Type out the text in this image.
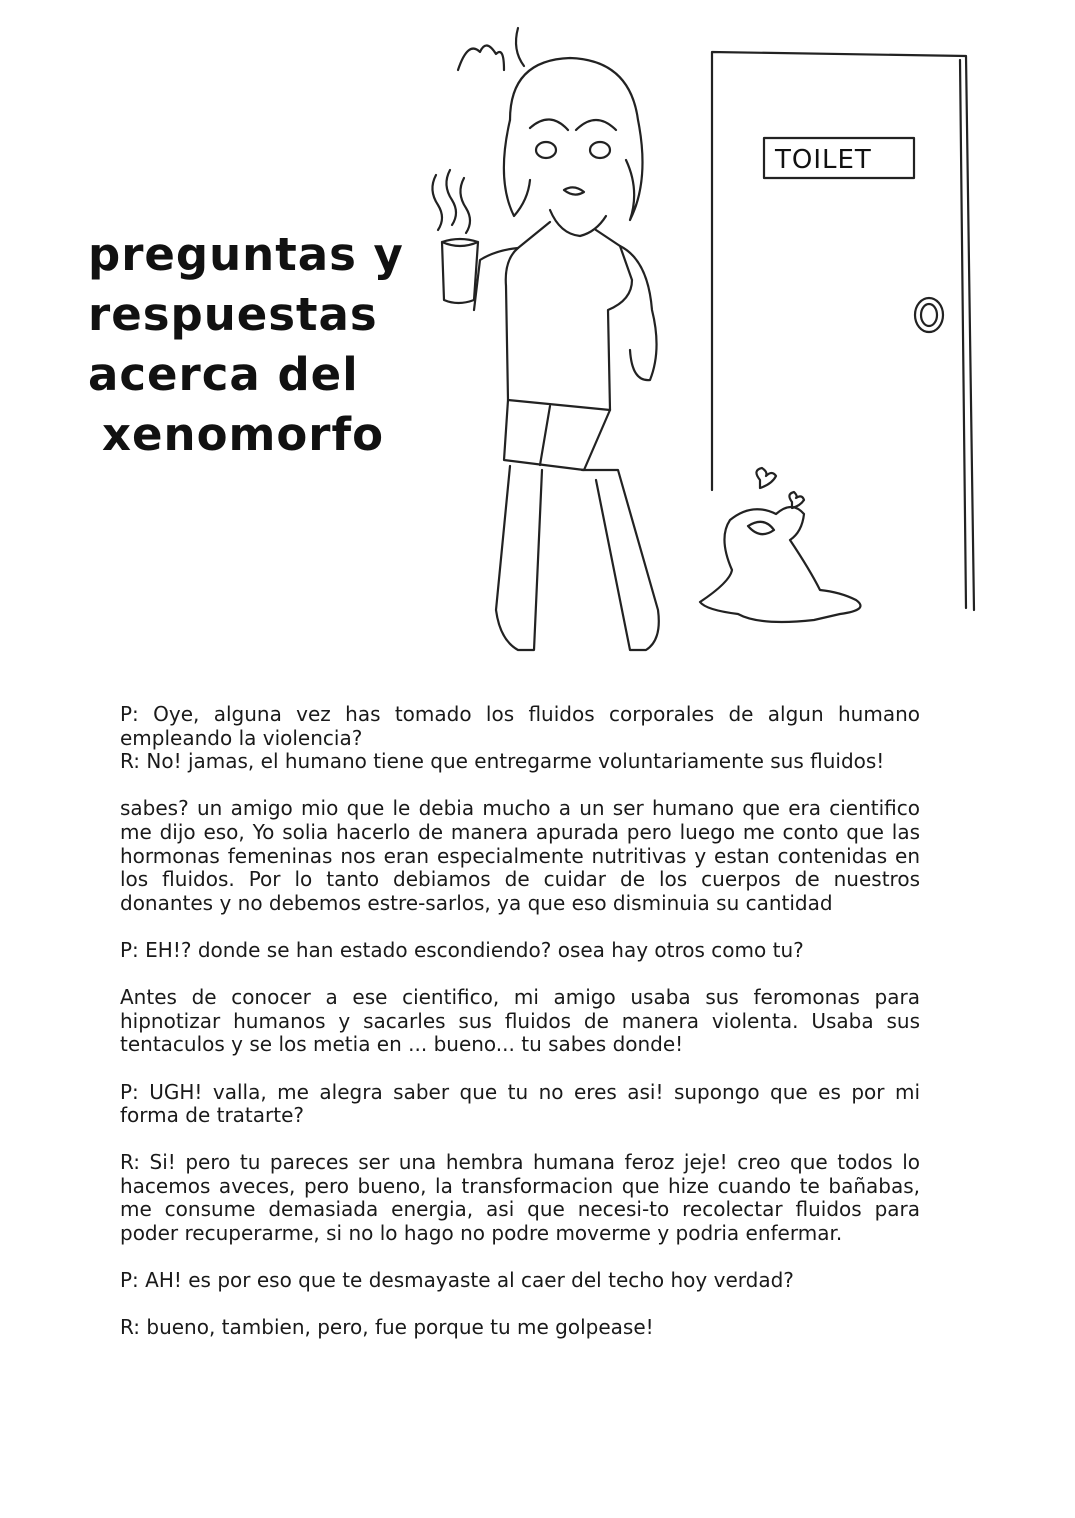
preguntas y
respuestas
acerca del
xenomorfo
TOILET

P: Oye, alguna vez has tomado los fluidos corporales de algun humano empleando la violencia?
R: No! jamas, el humano tiene que entregarme voluntariamente sus fluidos!

sabes? un amigo mio que le debia mucho a un ser humano que era cientifico me dijo eso, Yo solia hacerlo de manera apurada pero luego me conto que las hormonas femeninas nos eran especialmente nutritivas y estan contenidas en los fluidos. Por lo tanto debiamos de cuidar de los cuerpos de nuestros donantes y no debemos estre-sarlos, ya que eso disminuia su cantidad

P: EH!? donde se han estado escondiendo? osea hay otros como tu?

Antes de conocer a ese cientifico, mi amigo usaba sus feromonas para hipnotizar humanos y sacarles sus fluidos de manera violenta. Usaba sus tentaculos y se los metia en ... bueno... tu sabes donde!

P: UGH! valla, me alegra saber que tu no eres asi! supongo que es por mi forma de tratarte?

R: Si! pero tu pareces ser una hembra humana feroz jeje! creo que todos lo hacemos aveces, pero bueno, la transformacion que hize cuando te bañabas, me consume demasiada energia, asi que necesi-to recolectar fluidos para poder recuperarme, si no lo hago no podre moverme y podria enfermar.

P: AH! es por eso que te desmayaste al caer del techo hoy verdad?

R: bueno, tambien, pero, fue porque tu me golpease!
